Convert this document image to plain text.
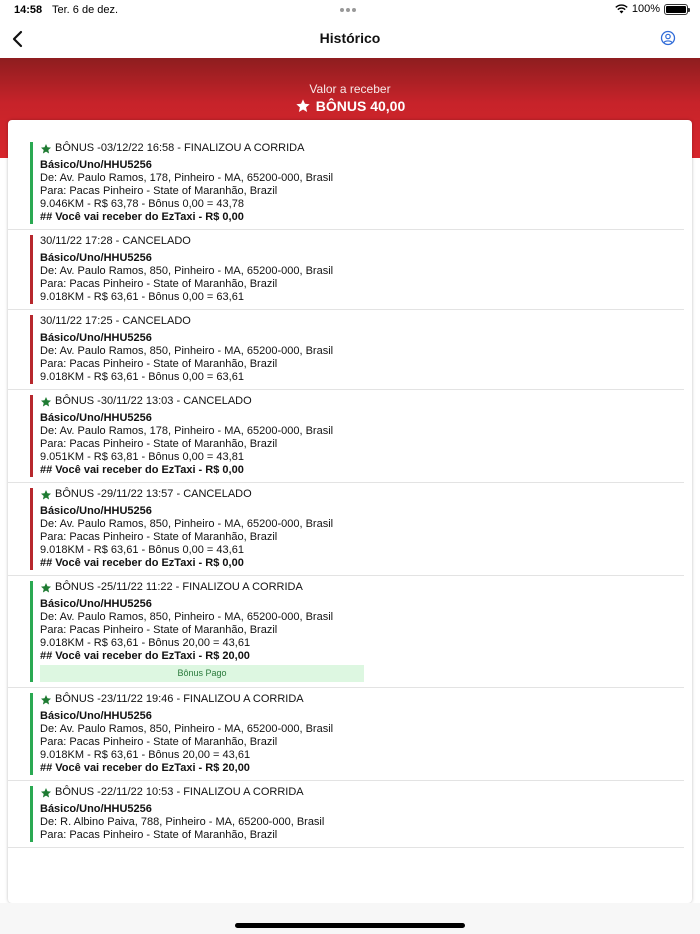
14:58 Ter. 6 de dez.	100%
Histórico
Valor a receber
BÔNUS 40,00
BÔNUS -03/12/22 16:58 - FINALIZOU A CORRIDA
Básico/Uno/HHU5256
De: Av. Paulo Ramos, 178, Pinheiro - MA, 65200-000, Brasil
Para: Pacas Pinheiro - State of Maranhão, Brazil
9.046KM - R$ 63,78 - Bônus 0,00 = 43,78
## Você vai receber do EzTaxi - R$ 0,00
30/11/22 17:28 - CANCELADO
Básico/Uno/HHU5256
De: Av. Paulo Ramos, 850, Pinheiro - MA, 65200-000, Brasil
Para: Pacas Pinheiro - State of Maranhão, Brazil
9.018KM - R$ 63,61 - Bônus 0,00 = 63,61
30/11/22 17:25 - CANCELADO
Básico/Uno/HHU5256
De: Av. Paulo Ramos, 850, Pinheiro - MA, 65200-000, Brasil
Para: Pacas Pinheiro - State of Maranhão, Brazil
9.018KM - R$ 63,61 - Bônus 0,00 = 63,61
BÔNUS -30/11/22 13:03 - CANCELADO
Básico/Uno/HHU5256
De: Av. Paulo Ramos, 178, Pinheiro - MA, 65200-000, Brasil
Para: Pacas Pinheiro - State of Maranhão, Brazil
9.051KM - R$ 63,81 - Bônus 0,00 = 43,81
## Você vai receber do EzTaxi - R$ 0,00
BÔNUS -29/11/22 13:57 - CANCELADO
Básico/Uno/HHU5256
De: Av. Paulo Ramos, 850, Pinheiro - MA, 65200-000, Brasil
Para: Pacas Pinheiro - State of Maranhão, Brazil
9.018KM - R$ 63,61 - Bônus 0,00 = 43,61
## Você vai receber do EzTaxi - R$ 0,00
BÔNUS -25/11/22 11:22 - FINALIZOU A CORRIDA
Básico/Uno/HHU5256
De: Av. Paulo Ramos, 850, Pinheiro - MA, 65200-000, Brasil
Para: Pacas Pinheiro - State of Maranhão, Brazil
9.018KM - R$ 63,61 - Bônus 20,00 = 43,61
## Você vai receber do EzTaxi - R$ 20,00
Bônus Pago
BÔNUS -23/11/22 19:46 - FINALIZOU A CORRIDA
Básico/Uno/HHU5256
De: Av. Paulo Ramos, 850, Pinheiro - MA, 65200-000, Brasil
Para: Pacas Pinheiro - State of Maranhão, Brazil
9.018KM - R$ 63,61 - Bônus 20,00 = 43,61
## Você vai receber do EzTaxi - R$ 20,00
BÔNUS -22/11/22 10:53 - FINALIZOU A CORRIDA
Básico/Uno/HHU5256
De: R. Albino Paiva, 788, Pinheiro - MA, 65200-000, Brasil
Para: Pacas Pinheiro - State of Maranhão, Brazil
